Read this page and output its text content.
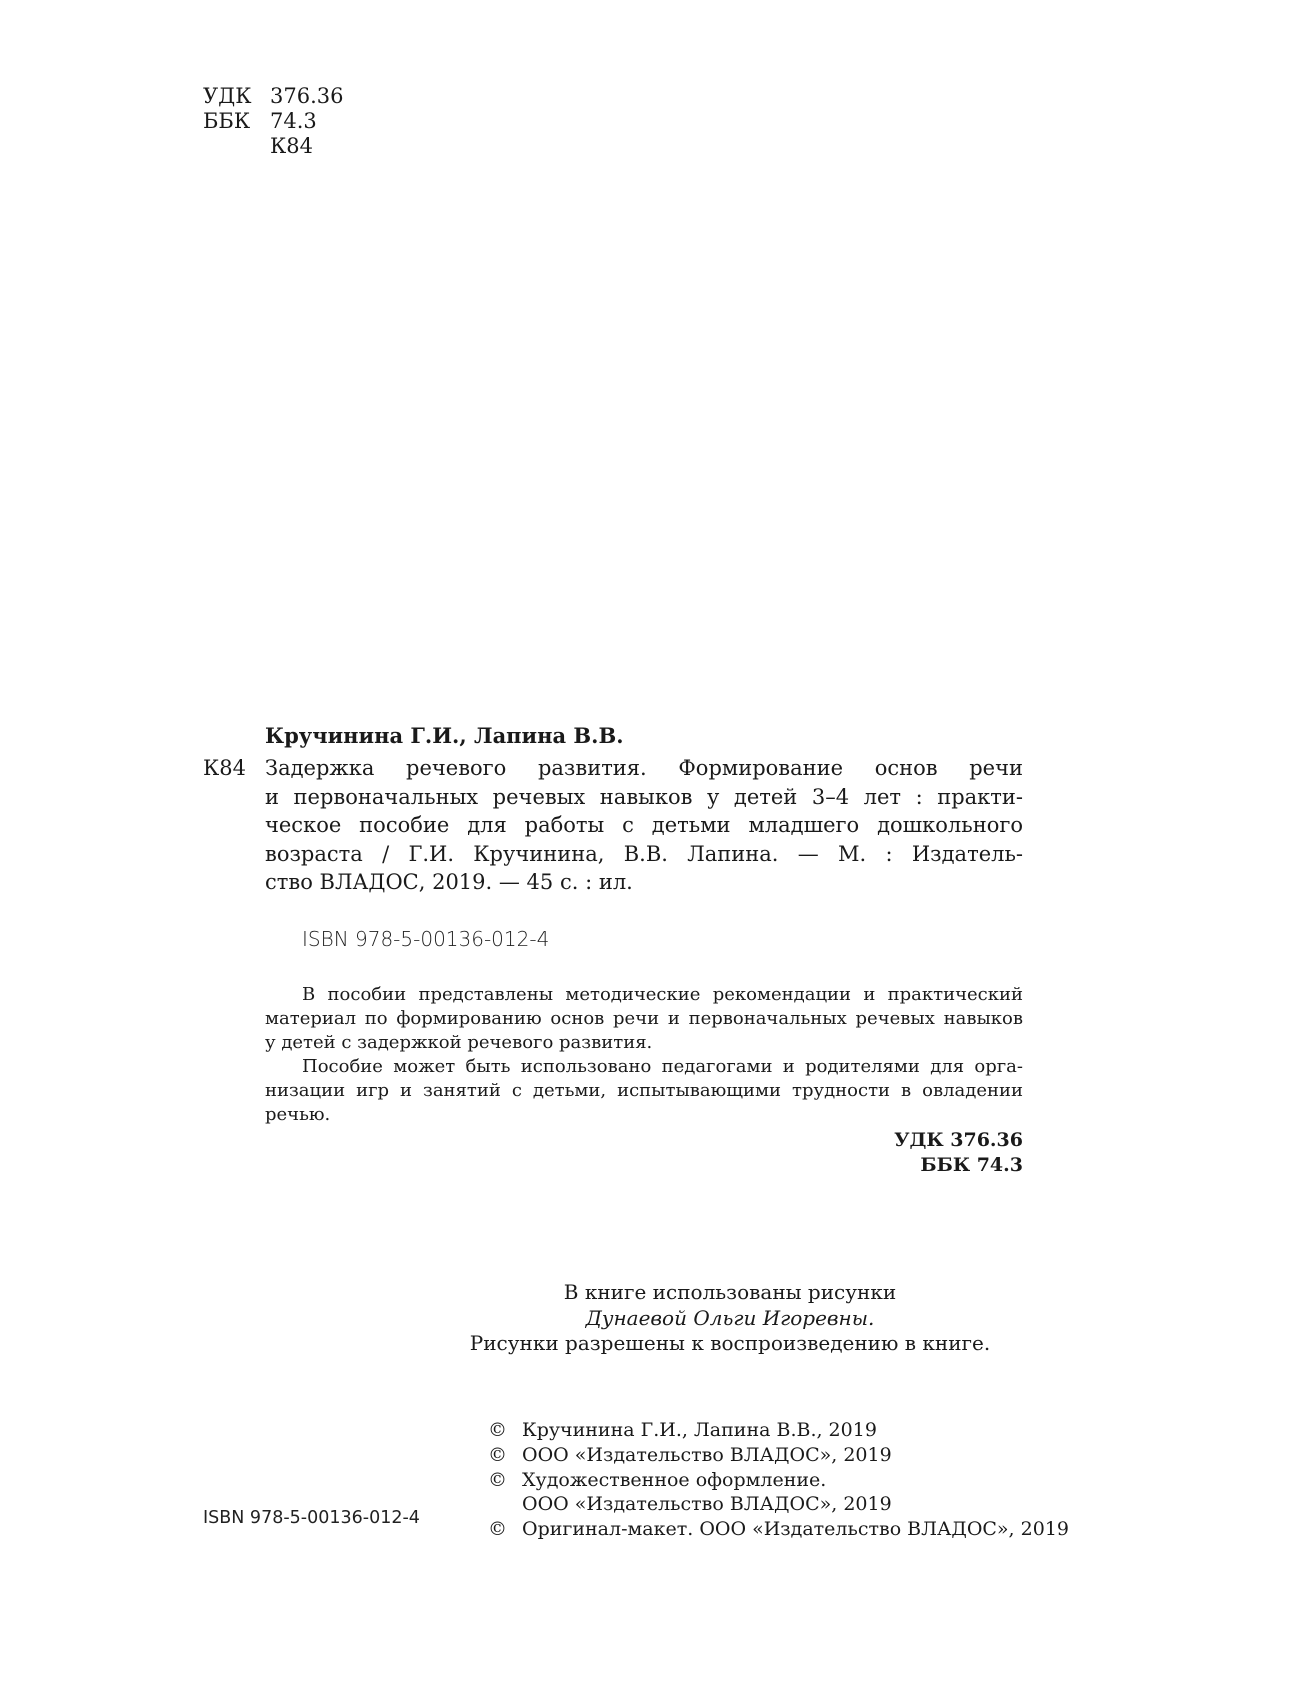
УДК 376.36
ББК 74.3
К84
Кручинина Г.И., Лапина В.В.
К84 Задержка речевого развития. Формирование основ речи
и первоначальных речевых навыков у детей 3–4 лет : практи-
ческое пособие для работы с детьми младшего дошкольного
возраста / Г.И. Кручинина, В.В. Лапина. — М. : Издатель-
ство ВЛАДОС, 2019. — 45 с. : ил.
ISBN 978-5-00136-012-4
В пособии представлены методические рекомендации и практический
материал по формированию основ речи и первоначальных речевых навыков
у детей с задержкой речевого развития.
Пособие может быть использовано педагогами и родителями для орга-
низации игр и занятий с детьми, испытывающими трудности в овладении
речью.
УДК 376.36
ББК 74.3
В книге использованы рисунки
Дунаевой Ольги Игоревны.
Рисунки разрешены к воспроизведению в книге.
© Кручинина Г.И., Лапина В.В., 2019
© ООО «Издательство ВЛАДОС», 2019
© Художественное оформление.
ООО «Издательство ВЛАДОС», 2019
© Оригинал-макет. ООО «Издательство ВЛАДОС», 2019
ISBN 978-5-00136-012-4
